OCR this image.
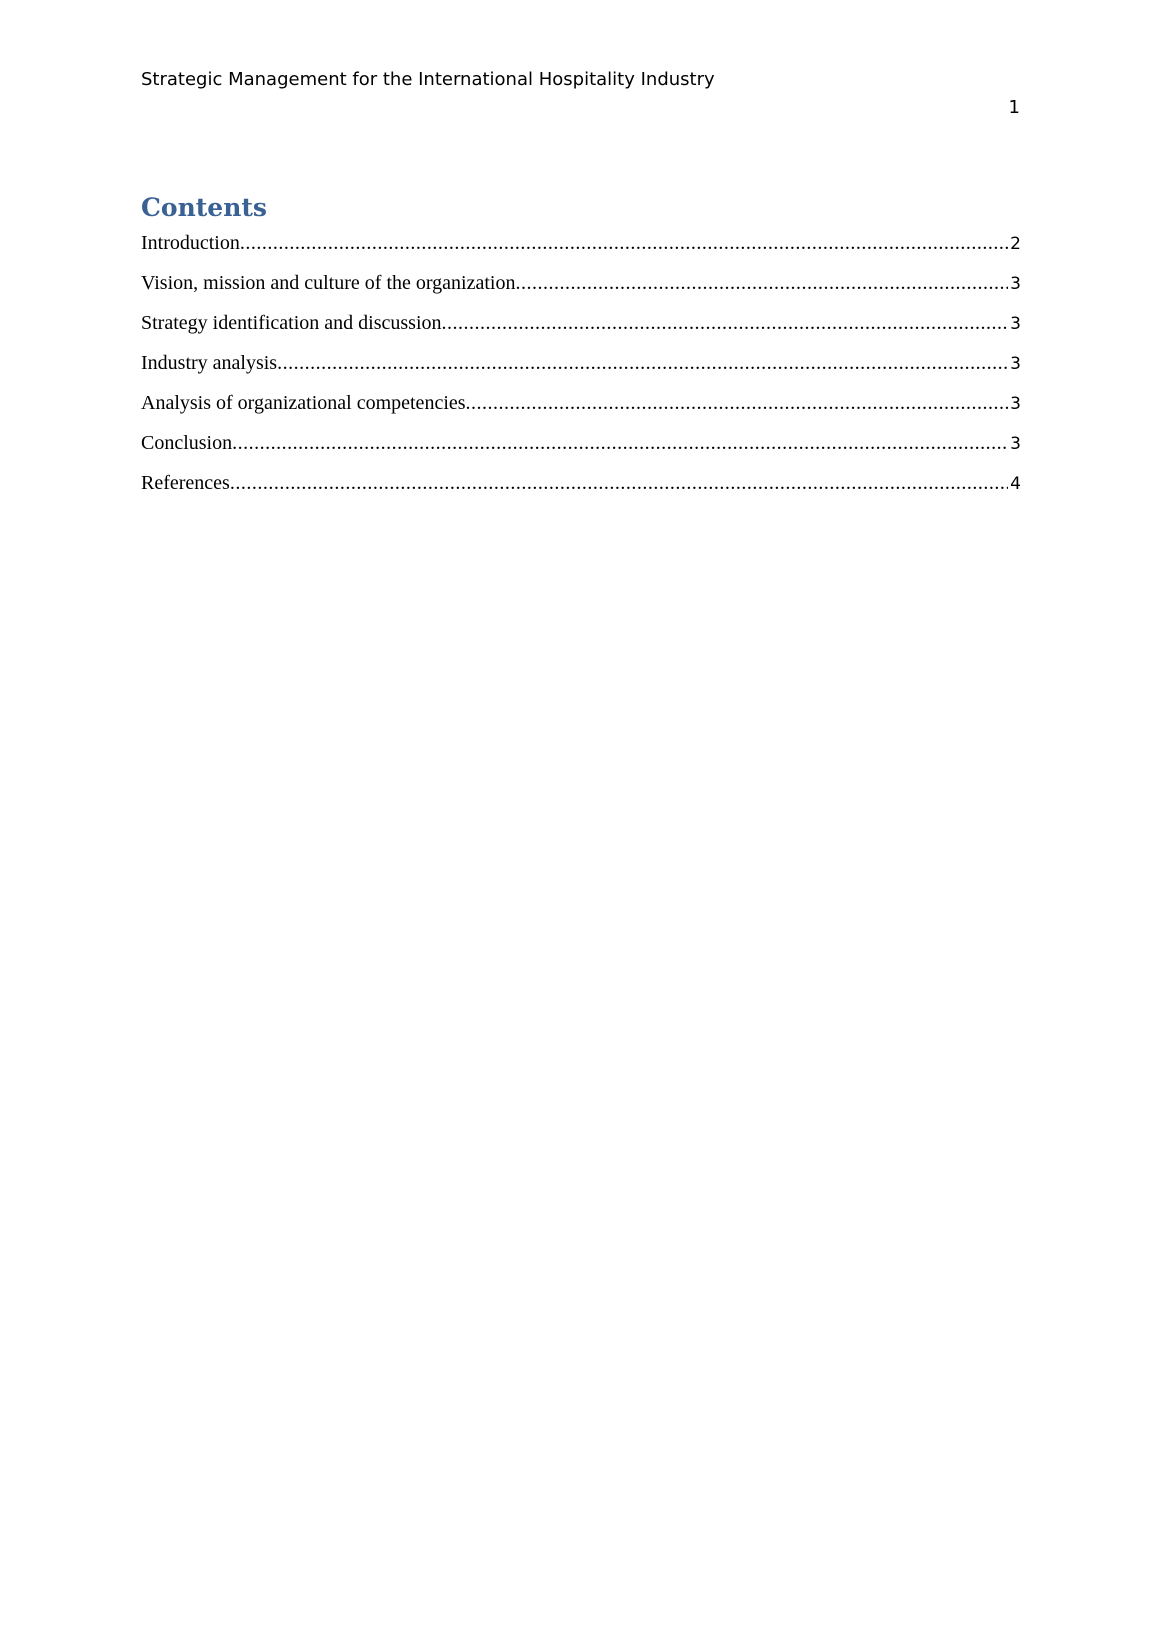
Strategic Management for the International Hospitality Industry
1
Contents
Introduction .....	2
Vision, mission and culture of the organization .....	3
Strategy identification and discussion .....	3
Industry analysis .....	3
Analysis of organizational competencies .....	3
Conclusion .....	3
References .....	4
